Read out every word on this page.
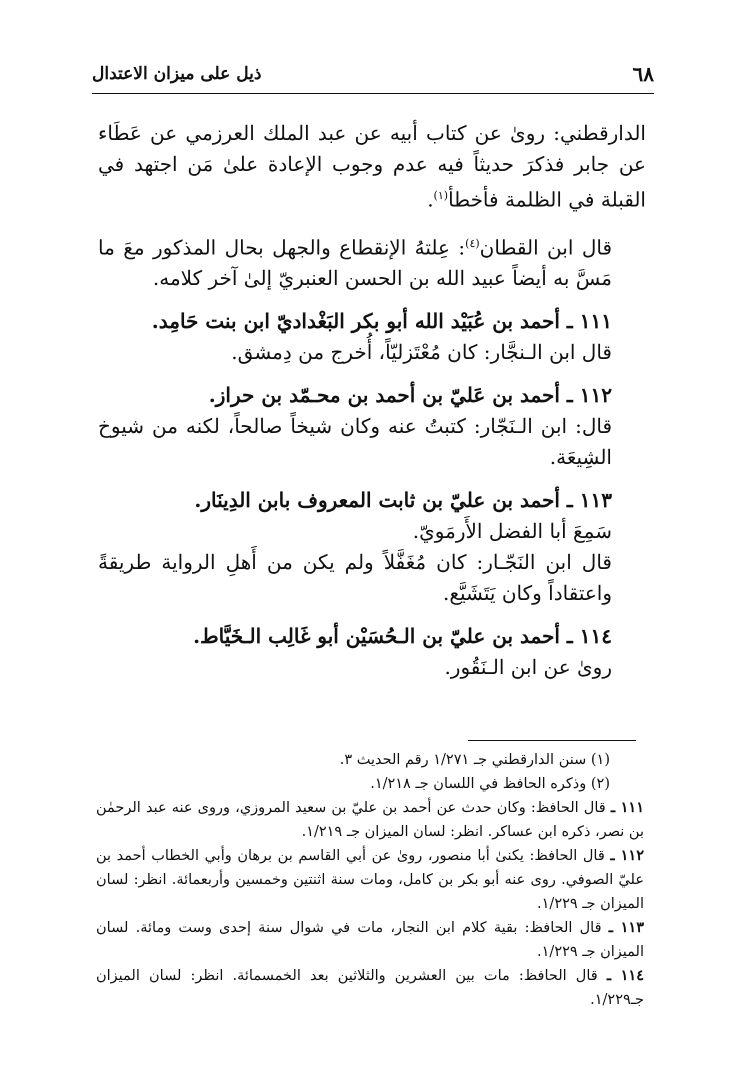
٦٨
ذيل على ميزان الاعتدال

الدارقطني: روىٰ عن كتاب أبيه عن عبد الملك العرزمي عن عَطَاء عن جابر فذكرَ حديثاً فيه عدم وجوب الإعادة علىٰ مَن اجتهد في القبلة في الظلمة فأخطأ$^{(١)}$.

قال ابن القطان$^{(٤)}$: عِلتهُ الإنقطاع والجهل بحال المذكور معَ ما مَسَّ به أيضاً عبيد الله بن الحسن العنبريّ إلىٰ آخر كلامه.

١١١ ـ أحمد بن عُبَيْد الله أبو بكر البَغْداديّ ابن بنت حَامِد.

قال ابن الـنجَّار: كان مُعْتَزليّاً، أُخرج من دِمشق.

١١٢ ـ أحمد بن عَليّ بن أحمد بن محـمّد بن حراز.

قال: ابن الـنَجّار: كتبتُ عنه وكان شيخاً صالحاً، لكنه من شيوخ الشِيعَة.

١١٣ ـ أحمد بن عليّ بن ثابت المعروف بابن الدِينَار.

سَمِعَ أبا الفضل الأَرمَويّ.

قال ابن النَجّـار: كان مُغَفَّلاً ولم يكن من أَهلِ الرواية طريقةً واعتقاداً وكان يَتَشَيَّع.

١١٤ ـ أحمد بن عليّ بن الـحُسَيْن أبو غَالِب الـخَيَّاط.

روىٰ عن ابن الـنَقُور.

(١) سنن الدارقطني جـ ١/٢٧١ رقم الحديث ٣.

(٢) وذكره الحافظ في اللسان جـ ١/٢١٨.

١١١ ـ قال الحافظ: وكان حدث عن أحمد بن عليّ بن سعيد المروزي، وروى عنه عبد الرحمٰن بن نصر، ذكره ابن عساكر. انظر: لسان الميزان جـ ١/٢١٩.

١١٢ ـ قال الحافظ: يكنىٰ أبا منصور، روىٰ عن أبي القاسم بن برهان وأبي الخطاب أحمد بن عليّ الصوفي. روى عنه أبو بكر بن كامل، ومات سنة اثنتين وخمسين وأربعمائة. انظر: لسان الميزان جـ ١/٢٢٩.

١١٣ ـ قال الحافظ: بقية كلام ابن النجار، مات في شوال سنة إحدى وست ومائة. لسان الميزان جـ ١/٢٢٩.

١١٤ ـ قال الحافظ: مات بين العشرين والثلاثين بعد الخمسمائة. انظر: لسان الميزان جـ١/٢٢٩.
